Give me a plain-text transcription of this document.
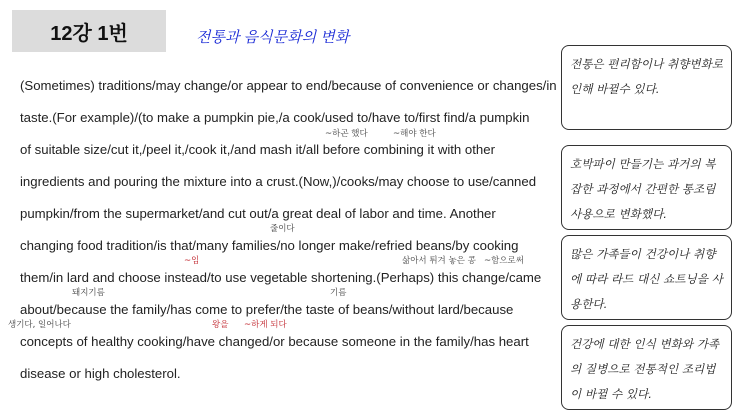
12강 1번	전통과 음식문화의 변화
(Sometimes) traditions/may change/or appear to end/because of convenience or changes/in
taste.(For example)/(to make a pumpkin pie,/a cook/used to/have to/first find/a pumpkin
of suitable size/cut it,/peel it,/cook it,/and mash it/all before combining it with other
ingredients and pouring the mixture into a crust.(Now,)/cooks/may choose to use/canned
pumpkin/from the supermarket/and cut out/a great deal of labor and time. Another
changing food tradition/is that/many families/no longer make/refried beans/by cooking
them/in lard and choose instead/to use vegetable shortening.(Perhaps) this change/came
about/because the family/has come to prefer/the taste of beans/without lard/because
concepts of healthy cooking/have changed/or because someone in the family/has heart
disease or high cholesterol.
~하곤 했다	~해야 한다
줄이다
~임
돼지기름
삶아서 튀겨 놓은 콩 ~함으로써
기름
생기다, 일어나다	왕을 ~하게 되다
전통은 편리함이나 취향변화로 인해 바뀔수 있다.
호박파이 만들기는 과거의 복잡한 과정에서 간편한 통조림 사용으로 변화했다.
많은 가족들이 건강이나 취향에 따라 라드 대신 쇼트닝을 사용한다.
건강에 대한 인식 변화와 가족의 질병으로 전통적인 조리법이 바뀔 수 있다.
